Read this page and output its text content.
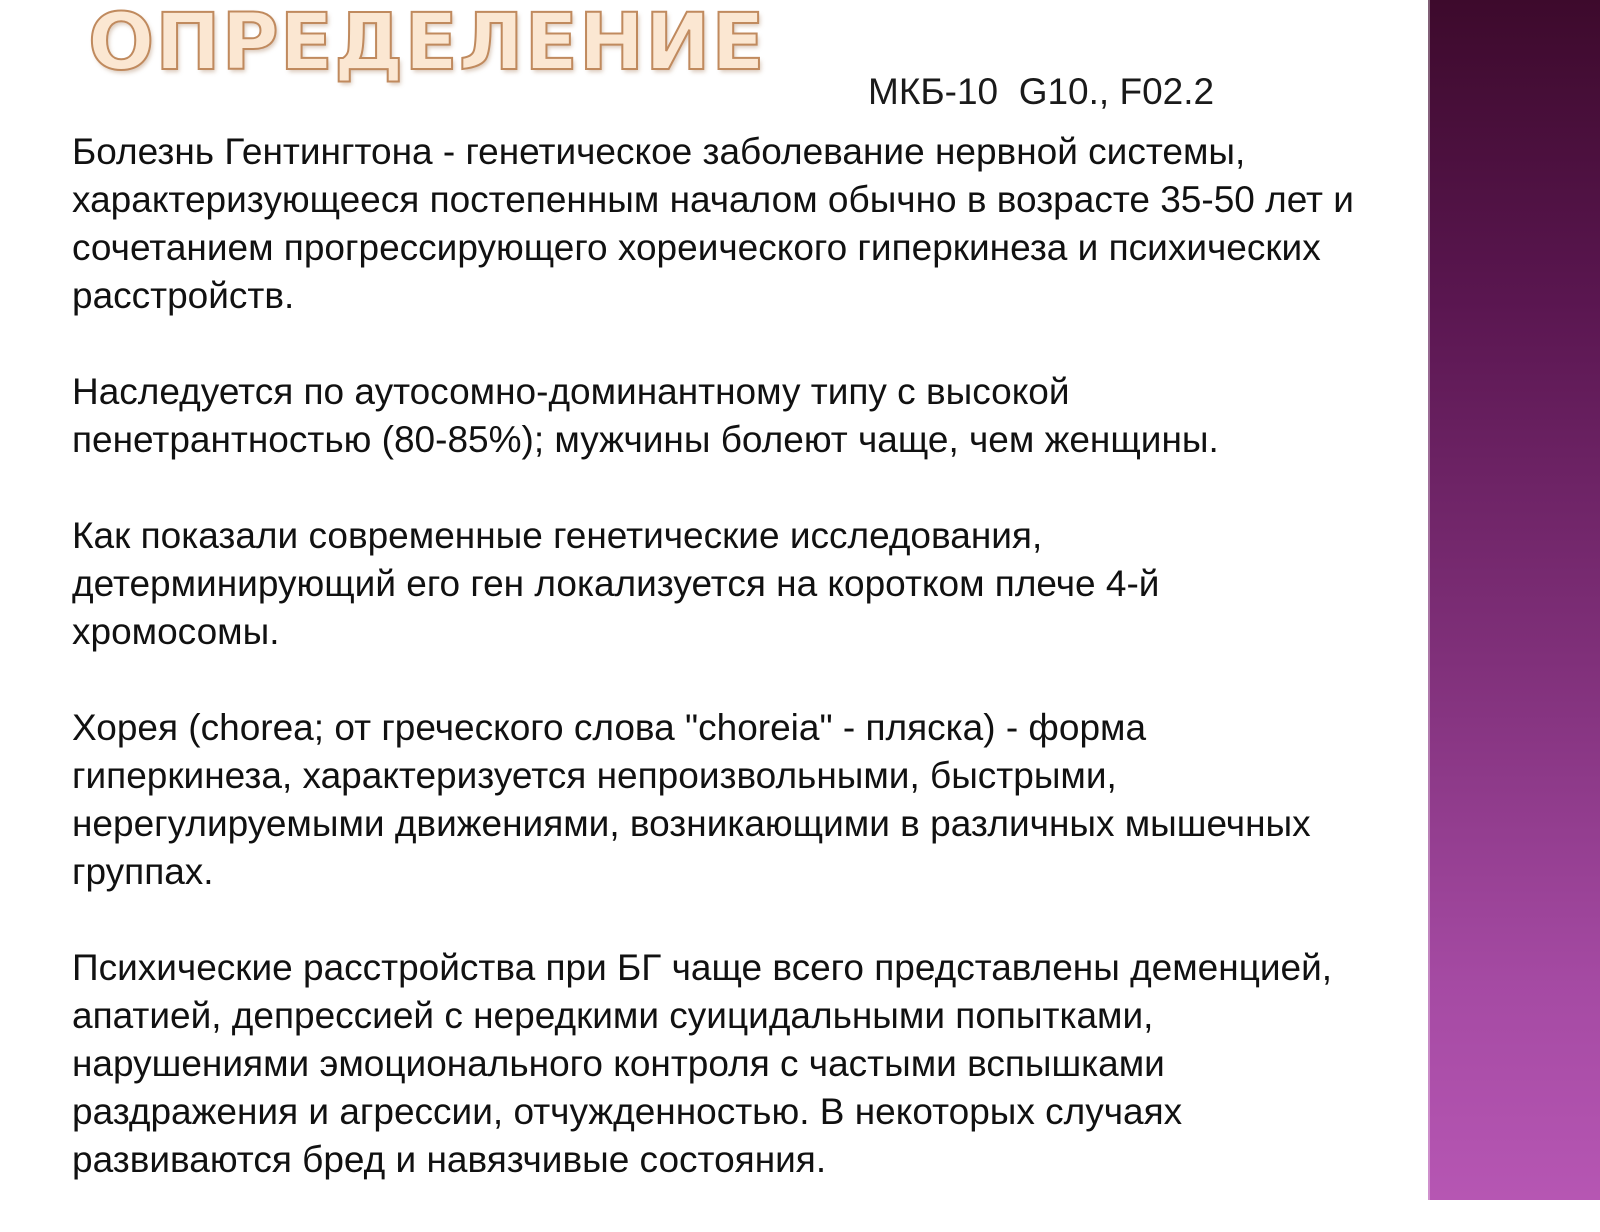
ОПРЕДЕЛЕНИЕ
МКБ-10  G10., F02.2

Болезнь Гентингтона - генетическое заболевание нервной системы,
характеризующееся постепенным началом обычно в возрасте 35-50 лет и
сочетанием прогрессирующего хореического гиперкинеза и психических
расстройств.

Наследуется по аутосомно-доминантному типу с высокой
пенетрантностью (80-85%); мужчины болеют чаще, чем женщины.

Как показали современные генетические исследования,
детерминирующий его ген локализуется на коротком плече 4-й
хромосомы.

Хорея (chorea; от греческого слова "choreia" - пляска) - форма
гиперкинеза, характеризуется непроизвольными, быстрыми,
нерегулируемыми движениями, возникающими в различных мышечных
группах.

Психические расстройства при БГ чаще всего представлены деменцией,
апатией, депрессией с нередкими суицидальными попытками,
нарушениями эмоционального контроля с частыми вспышками
раздражения и агрессии, отчужденностью. В некоторых случаях
развиваются бред и навязчивые состояния.
